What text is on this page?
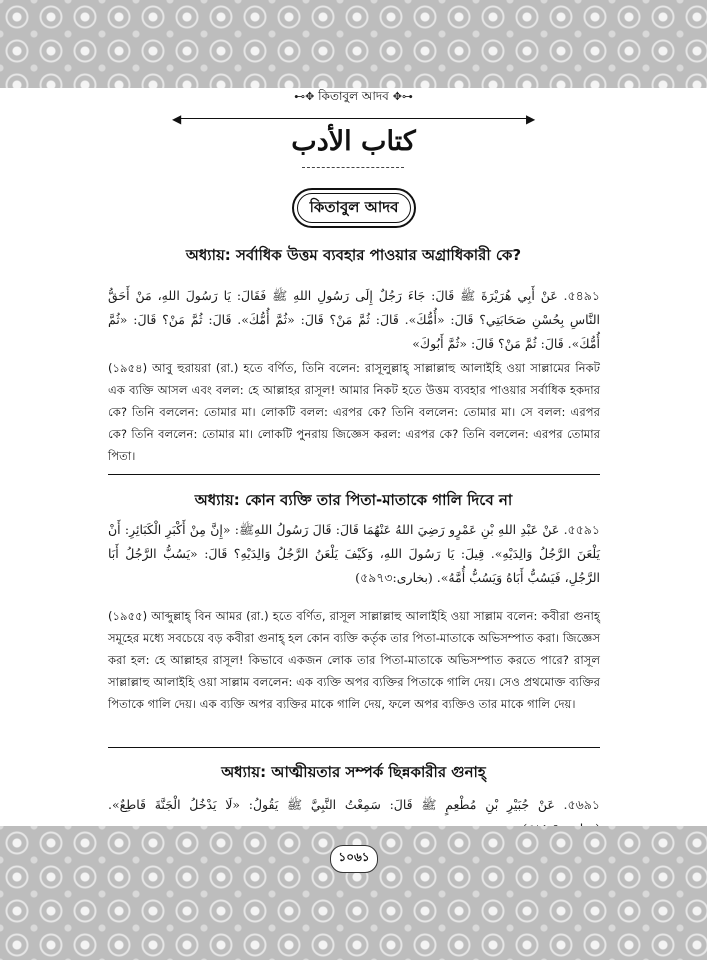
⊷✥ কিতাবুল আদব ✥⊶
◀	▶
كتاب الأدب
কিতাবুল আদব
অধ্যায়: সর্বাধিক উত্তম ব্যবহার পাওয়ার অগ্রাধিকারী কে?
৫৪৯১. عَنْ أَبِي هُرَيْرَةَ ﷺ قَالَ: جَاءَ رَجُلٌ إِلَى رَسُولِ اللهِ ﷺ فَقَالَ: يَا رَسُولَ اللهِ، مَنْ أَحَقُّ النَّاسِ بِحُسْنِ صَحَابَتِي؟ قَالَ: «أُمُّكَ». قَالَ: ثُمَّ مَنْ؟ قَالَ: «ثُمَّ أُمُّكَ». قَالَ: ثُمَّ مَنْ؟ قَالَ: «ثُمَّ أُمُّكَ». قَالَ: ثُمَّ مَنْ؟ قَالَ: «ثُمَّ أَبُوكَ»
(১৯৫৪) আবু হুরায়রা (রা.) হতে বর্ণিত, তিনি বলেন: রাসূলুল্লাহ্ সাল্লাল্লাহু আলাইহি ওয়া সাল্লামের নিকট এক ব্যক্তি আসল এবং বলল: হে আল্লাহর রাসূল! আমার নিকট হতে উত্তম ব্যবহার পাওয়ার সর্বাধিক হকদার কে? তিনি বললেন: তোমার মা। লোকটি বলল: এরপর কে? তিনি বললেন: তোমার মা। সে বলল: এরপর কে? তিনি বললেন: তোমার মা। লোকটি পুনরায় জিজ্ঞেস করল: এরপর কে? তিনি বললেন: এরপর তোমার পিতা।
অধ্যায়: কোন ব্যক্তি তার পিতা-মাতাকে গালি দিবে না
৫৫৯১. عَنْ عَبْدِ اللهِ بْنِ عَمْرٍو رَضِيَ اللهُ عَنْهُمَا قَالَ: قَالَ رَسُولُ اللهِﷺ: «إِنَّ مِنْ أَكْبَرِ الْكَبَائِرِ: أَنْ يَلْعَنَ الرَّجُلُ وَالِدَيْهِ». قِيلَ: يَا رَسُولَ اللهِ، وَكَيْفَ يَلْعَنُ الرَّجُلُ وَالِدَيْهِ؟ قَالَ: «يَسُبُّ الرَّجُلُ أَبَا الرَّجُلِ، فَيَسُبُّ أَبَاهُ وَيَسُبُّ أُمَّهُ». (بخارى:৫৯৭৩)
(১৯৫৫) আব্দুল্লাহ্ বিন আমর (রা.) হতে বর্ণিত, রাসূল সাল্লাল্লাহু আলাইহি ওয়া সাল্লাম বলেন: কবীরা গুনাহ্ সমূহের মধ্যে সবচেয়ে বড় কবীরা গুনাহ্ হল কোন ব্যক্তি কর্তৃক তার পিতা-মাতাকে অভিসম্পাত করা। জিজ্ঞেস করা হল: হে আল্লাহর রাসূল! কিভাবে একজন লোক তার পিতা-মাতাকে অভিসম্পাত করতে পারে? রাসূল সাল্লাল্লাহু আলাইহি ওয়া সাল্লাম বললেন: এক ব্যক্তি অপর ব্যক্তির পিতাকে গালি দেয়। সেও প্রথমোক্ত ব্যক্তির পিতাকে গালি দেয়। এক ব্যক্তি অপর ব্যক্তির মাকে গালি দেয়, ফলে অপর ব্যক্তিও তার মাকে গালি দেয়।
অধ্যায়: আত্মীয়তার সম্পর্ক ছিন্নকারীর গুনাহ্
৫৬৯১. عَنْ جُبَيْرِ بْنِ مُطْعِمٍ ﷺ قَالَ: سَمِعْتُ النَّبِيَّ ﷺ يَقُولُ: «لَا يَدْخُلُ الْجَنَّةَ قَاطِعٌ».
১০৬১
